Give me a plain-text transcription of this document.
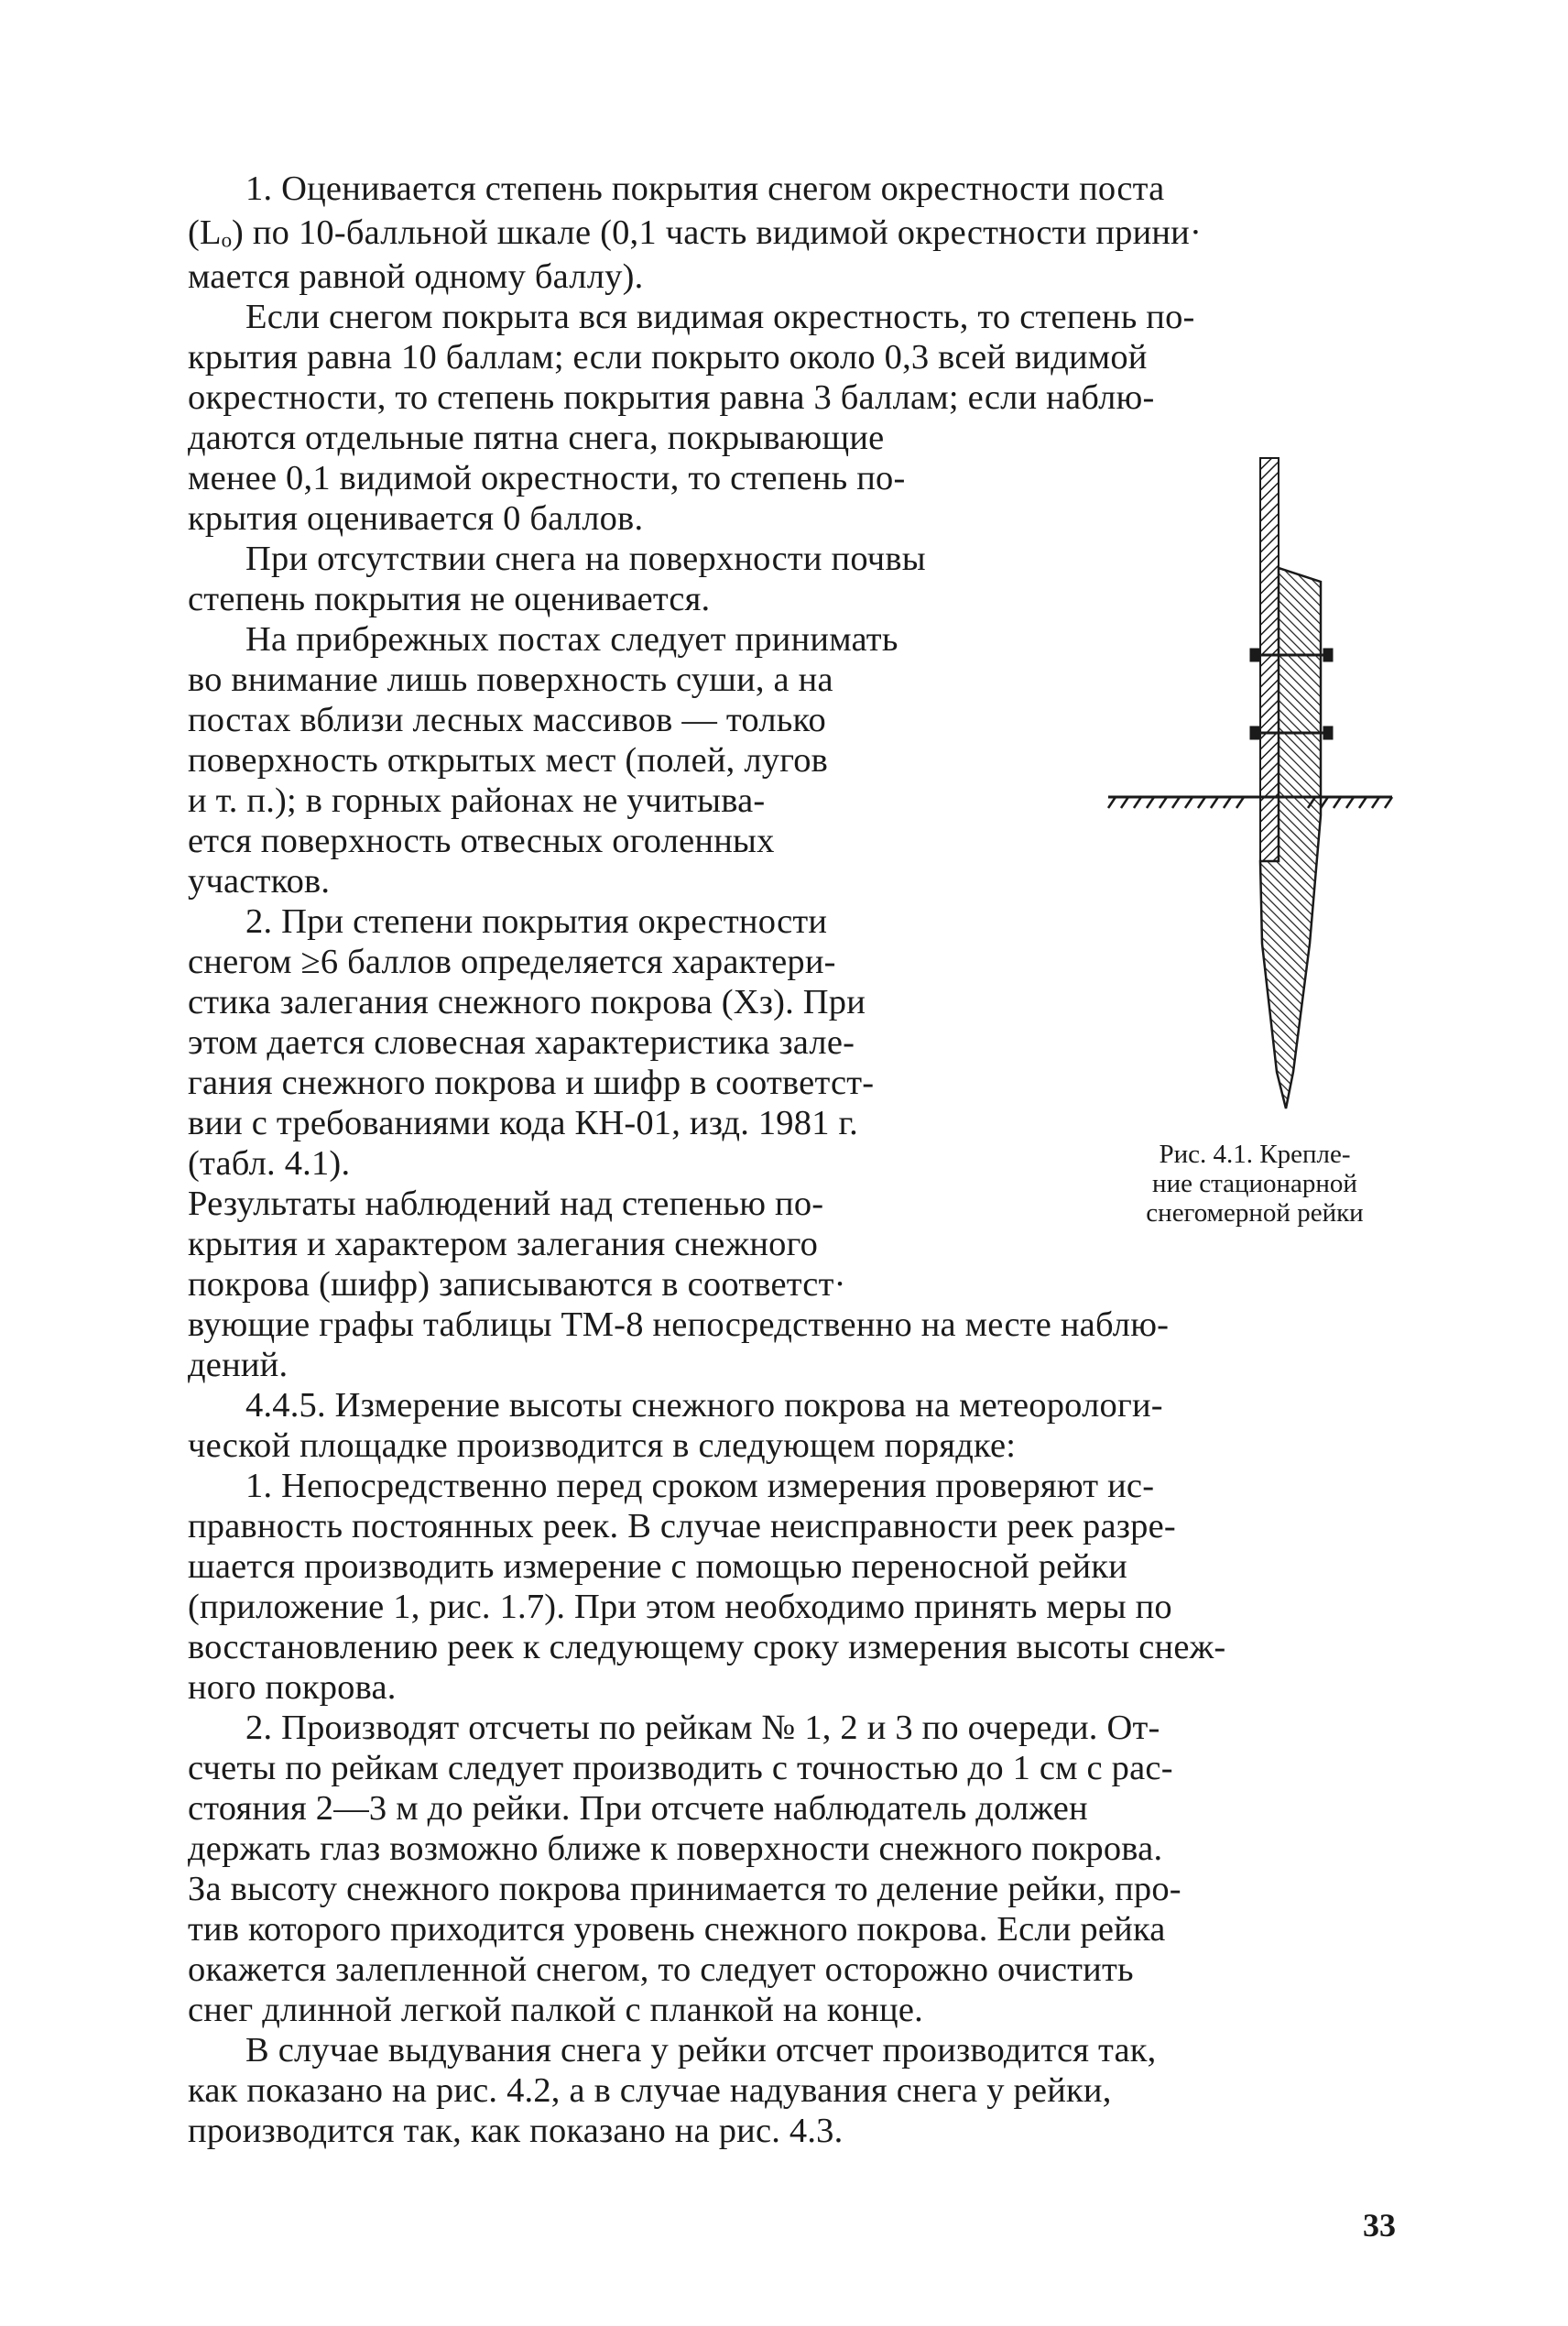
1. Оценивается степень покрытия снегом окрестности поста
(Lₒ) по 10-балльной шкале (0,1 часть видимой окрестности прини·
мается равной одному баллу).
Если снегом покрыта вся видимая окрестность, то степень по-
крытия равна 10 баллам; если покрыто около 0,3 всей видимой
окрестности, то степень покрытия равна 3 баллам; если наблю-
даются отдельные пятна снега, покрывающие
менее 0,1 видимой окрестности, то степень по-
крытия оценивается 0 баллов.
При отсутствии снега на поверхности почвы
степень покрытия не оценивается.
На прибрежных постах следует принимать
во внимание лишь поверхность суши, а на
постах вблизи лесных массивов — только
поверхность открытых мест (полей, лугов
и т. п.); в горных районах не учитыва-
ется поверхность отвесных оголенных
участков.
2. При степени покрытия окрестности
снегом ≥6 баллов определяется характери-
стика залегания снежного покрова (Xз). При
этом дается словесная характеристика зале-
гания снежного покрова и шифр в соответст-
вии с требованиями кода КН-01, изд. 1981 г.
(табл. 4.1).
Результаты наблюдений над степенью по-
крытия и характером залегания снежного
покрова (шифр) записываются в соответст·
вующие графы таблицы ТМ-8 непосредственно на месте наблю-
дений.
4.4.5. Измерение высоты снежного покрова на метеорологи-
ческой площадке производится в следующем порядке:
1. Непосредственно перед сроком измерения проверяют ис-
правность постоянных реек. В случае неисправности реек разре-
шается производить измерение с помощью переносной рейки
(приложение 1, рис. 1.7). При этом необходимо принять меры по
восстановлению реек к следующему сроку измерения высоты снеж-
ного покрова.
2. Производят отсчеты по рейкам № 1, 2 и 3 по очереди. От-
счеты по рейкам следует производить с точностью до 1 см с рас-
стояния 2—3 м до рейки. При отсчете наблюдатель должен
держать глаз возможно ближе к поверхности снежного покрова.
За высоту снежного покрова принимается то деление рейки, про-
тив которого приходится уровень снежного покрова. Если рейка
окажется залепленной снегом, то следует осторожно очистить
снег длинной легкой палкой с планкой на конце.
В случае выдувания снега у рейки отсчет производится так,
как показано на рис. 4.2, а в случае надувания снега у рейки,
производится так, как показано на рис. 4.3.
Рис. 4.1. Крепле-
ние стационарной
снегомерной рейки
33
